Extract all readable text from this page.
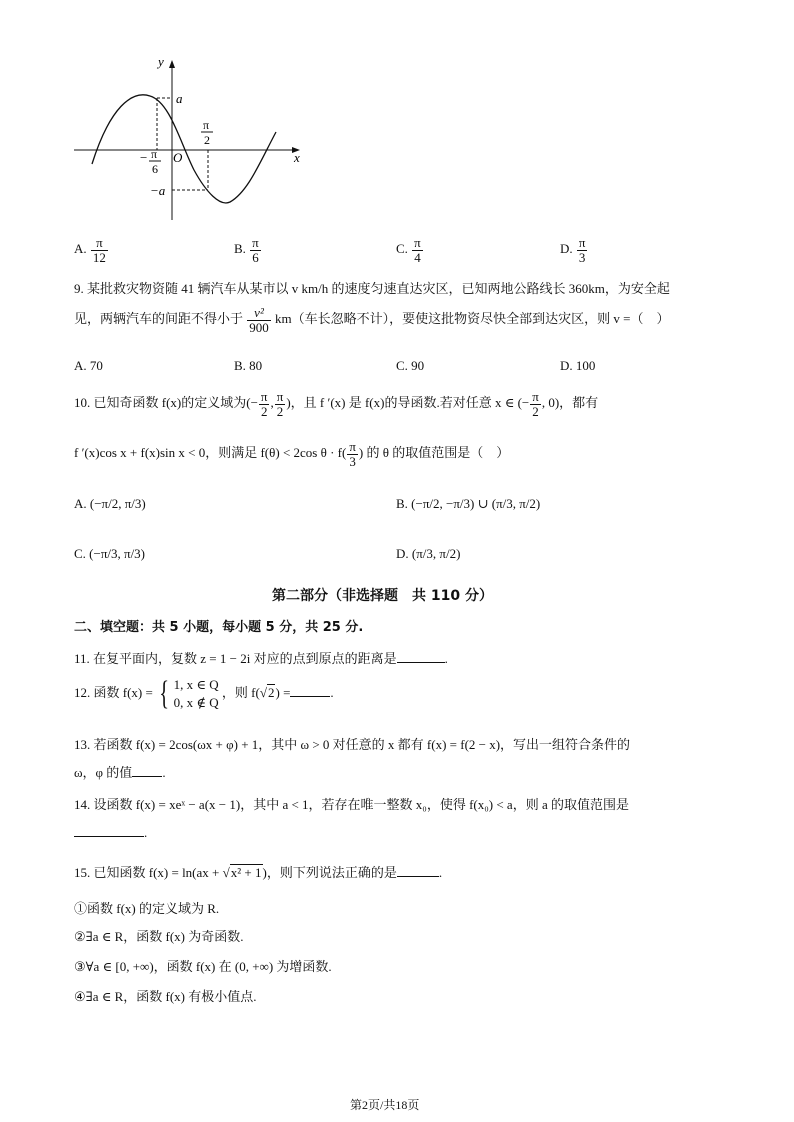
y
x
a
O
−a
− π
6
π
2
A. $\frac{\pi}{12}$	B. $\frac{\pi}{6}$	C. $\frac{\pi}{4}$	D. $\frac{\pi}{3}$
9. 某批救灾物资随 41 辆汽车从某市以 v km/h 的速度匀速直达灾区，已知两地公路线长 360km，为安全起
见，两辆汽车的间距不得小于 $\frac{\text{v²}}{900} km$（车长忽略不计），要使这批物资尽快全部到达灾区，则 v =（　）
A. 70	B. 80	C. 90	D. 100
10. 已知奇函数 f(x)的定义域为(− $\frac{\pi}{2}$ , $\frac{\pi}{2}$ )，且 f ′(x) 是 f(x)的导函数.若对任意 x ∈ (− $\frac{\pi}{2}$ , 0)，都有
f ′(x)cos x + f(x)sin x < 0，则满足 f(θ) < 2cos $\theta \cdot f( \frac{\pi}{3}$ ) 的 θ 的取值范围是（　）
A. (−π/2, π/3)	B. (−π/2, −π/3) ∪ (π/3, π/2)
C. (−π/3, π/3)	D. (π/3, π/2)
第二部分（非选择题　共 110 分）
二、填空题：共 5 小题，每小题 5 分，共 25 分.
11. 在复平面内，复数 z = 1 − 2i 对应的点到原点的距离是	.
12. 函数 f(x) = { 1, x ∈ Q
0, x ∉ Q
，则 f(√2) =	.
13. 若函数 f(x) = 2cos(ωx + φ) + 1，其中 ω > 0 对任意的 x 都有 f(x) = f(2 − x)，写出一组符合条件的
ω，φ 的值 .
14. 设函数 f(x) = xeˣ − a(x − 1)，其中 a < 1，若存在唯一整数 x₀，使得 f(x₀) < a，则 a 的取值范围是
.
15. 已知函数 f(x) = ln(ax + √x² + 1)，则下列说法正确的是	.
①函数 f(x) 的定义域为 R.
②∃a ∈ R，函数 f(x) 为奇函数.
③∀a ∈ [0, +∞)，函数 f(x) 在 (0, +∞) 为增函数.
④∃a ∈ R，函数 f(x) 有极小值点.
第2页/共18页
